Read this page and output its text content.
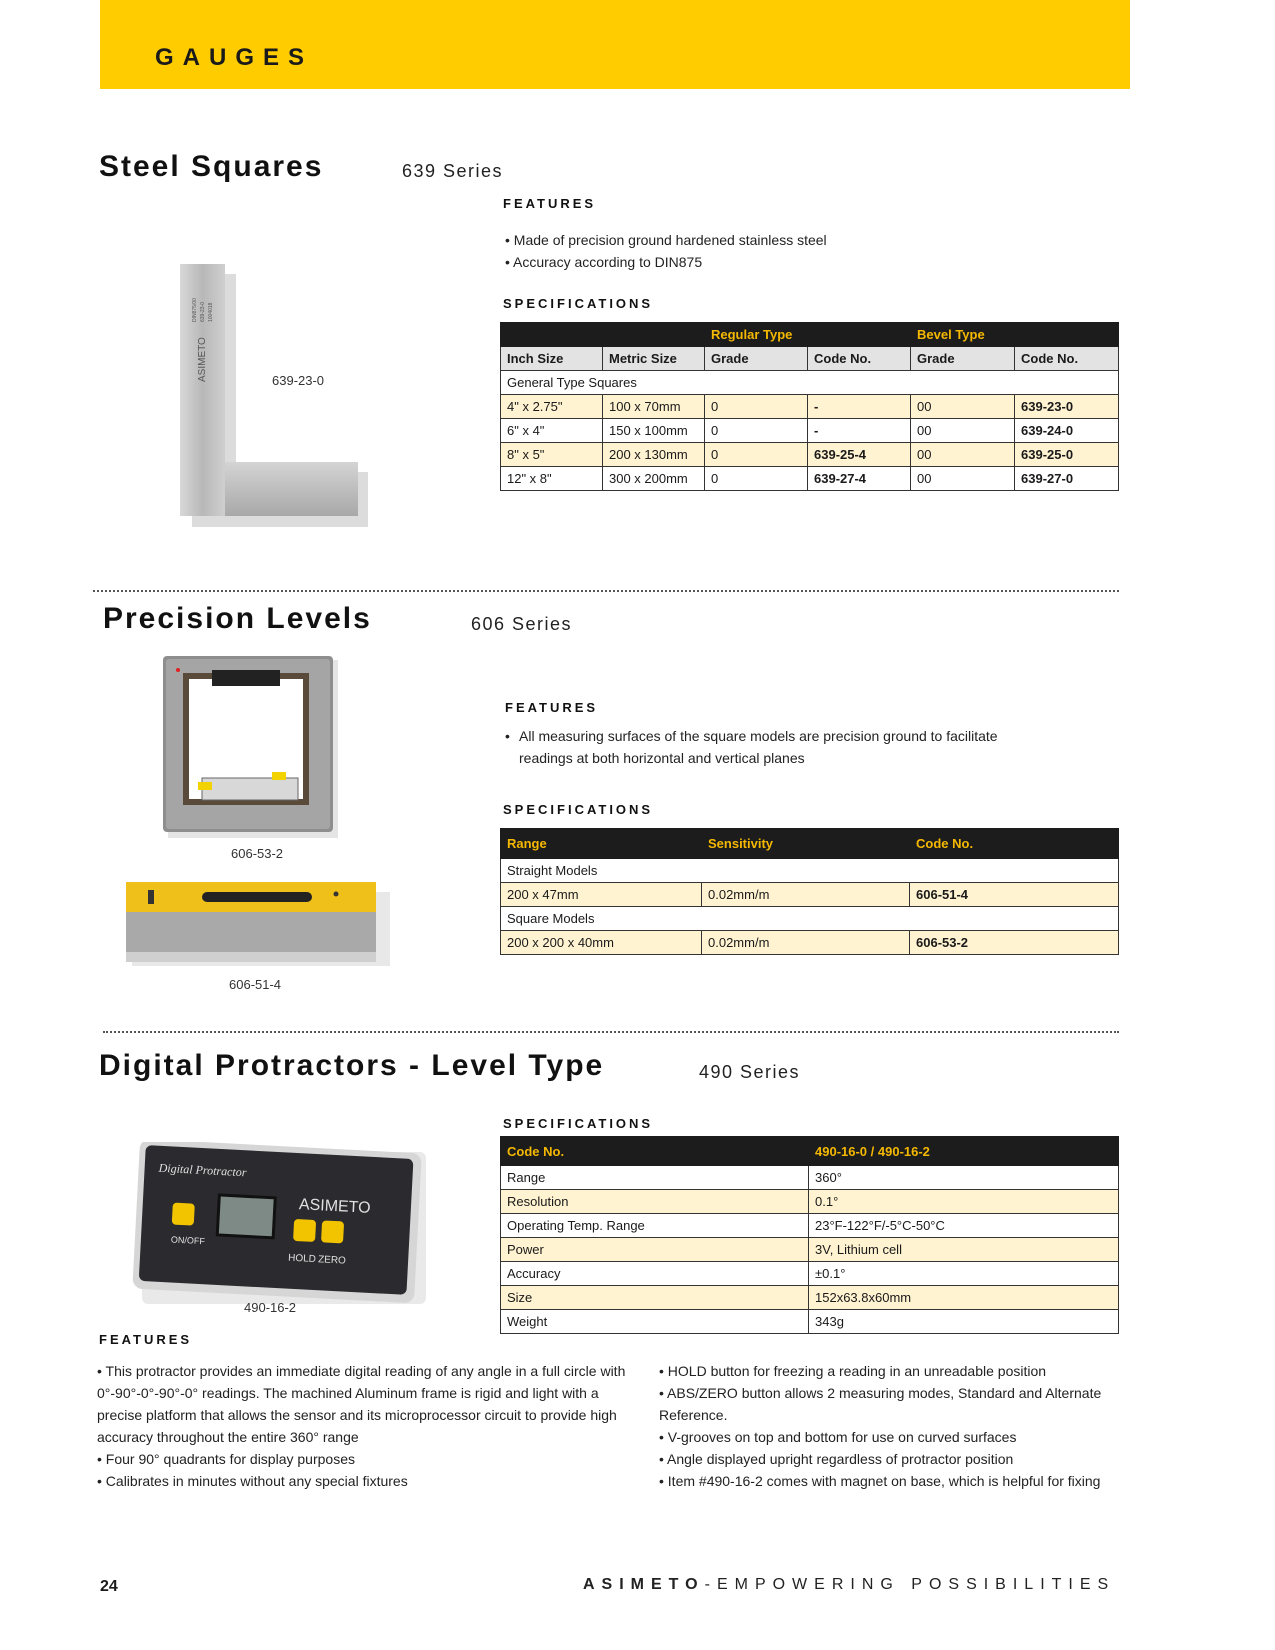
GAUGES
Steel Squares	639 Series
FEATURES
• Made of precision ground hardened stainless steel
• Accuracy according to DIN875
SPECIFICATIONS
ASIMETO
DIN875/00 639-23-0 1004018
639-23-0
		Regular Type		Bevel Type	
Inch Size	Metric Size	Grade	Code No.	Grade	Code No.
General Type Squares					
4" x 2.75"	100 x 70mm	0	-	00	639-23-0
6" x 4"	150 x 100mm	0	-	00	639-24-0
8" x 5"	200 x 130mm	0	639-25-4	00	639-25-0
12" x 8"	300 x 200mm	0	639-27-4	00	639-27-0
Precision Levels	606 Series
FEATURES
• All measuring surfaces of the square models are precision ground to facilitate readings at both horizontal and vertical planes
SPECIFICATIONS
606-53-2
606-51-4
Range	Sensitivity	Code No.
Straight Models		
200 x 47mm	0.02mm/m	606-51-4
Square Models		
200 x 200 x 40mm	0.02mm/m	606-53-2
Digital Protractors - Level Type	490 Series
SPECIFICATIONS
Digital Protractor
ASIMETO
ON/OFF
HOLD ZERO
490-16-2
Code No.	490-16-0 / 490-16-2
Range	360°
Resolution	0.1°
Operating Temp. Range	23°F-122°F/-5°C-50°C
Power	3V, Lithium cell
Accuracy	±0.1°
Size	152x63.8x60mm
Weight	343g
FEATURES
• This protractor provides an immediate digital reading of any angle in a full circle with 0°-90°-0°-90°-0° readings. The machined Aluminum frame is rigid and light with a precise platform that allows the sensor and its microprocessor circuit to provide high accuracy throughout the entire 360° range
• Four 90° quadrants for display purposes
• Calibrates in minutes without any special fixtures
• HOLD button for freezing a reading in an unreadable position
• ABS/ZERO button allows 2 measuring modes, Standard and Alternate Reference.
• V-grooves on top and bottom for use on curved surfaces
• Angle displayed upright regardless of protractor position
• Item #490-16-2 comes with magnet on base, which is helpful for fixing
24	ASIMETO-EMPOWERING POSSIBILITIES
